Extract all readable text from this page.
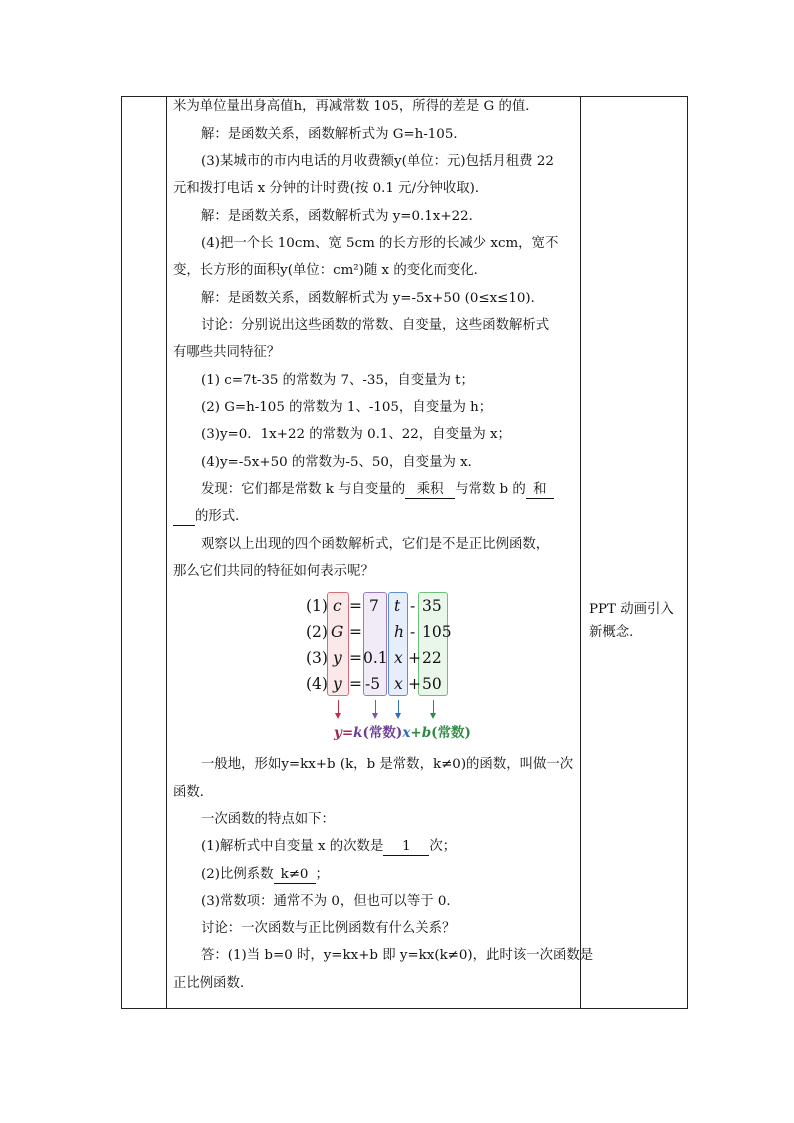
米为单位量出身高值h，再减常数 105，所得的差是 G 的值．
解：是函数关系，函数解析式为 G=h-105．
(3)某城市的市内电话的月收费额y(单位：元)包括月租费 22
元和拨打电话 x 分钟的计时费(按 0.1 元/分钟收取)．
解：是函数关系，函数解析式为 y=0.1x+22．
(4)把一个长 10cm、宽 5cm 的长方形的长减少 xcm，宽不
变，长方形的面积y(单位：cm²)随 x 的变化而变化．
解：是函数关系，函数解析式为 y=-5x+50 (0≤x≤10)．
讨论：分别说出这些函数的常数、自变量，这些函数解析式
有哪些共同特征？
(1) c=7t-35 的常数为 7、-35，自变量为 t；
(2) G=h-105 的常数为 1、-105，自变量为 h；
(3)y=0．1x+22 的常数为 0.1、22，自变量为 x；
(4)y=-5x+50 的常数为-5、50，自变量为 x．
发现：它们都是常数 k 与自变量的 乘积 与常数 b 的 和
的形式．
观察以上出现的四个函数解析式，它们是不是正比例函数，
那么它们共同的特征如何表示呢？
一般地，形如y=kx+b (k，b 是常数，k≠0)的函数，叫做一次
函数．
一次函数的特点如下：
(1)解析式中自变量 x 的次数是 1 次；
(2)比例系数 k≠0 ；
(3)常数项：通常不为 0，但也可以等于 0．
讨论：一次函数与正比例函数有什么关系？
答：(1)当 b=0 时，y=kx+b 即 y=kx(k≠0)，此时该一次函数是
正比例函数．
(1) c = 7 t - 35
(2) G = h - 105
(3) y = 0.1 x + 22
(4) y = -5 x + 50
y=k(常数)x+b(常数)
PPT 动画引入
新概念.
